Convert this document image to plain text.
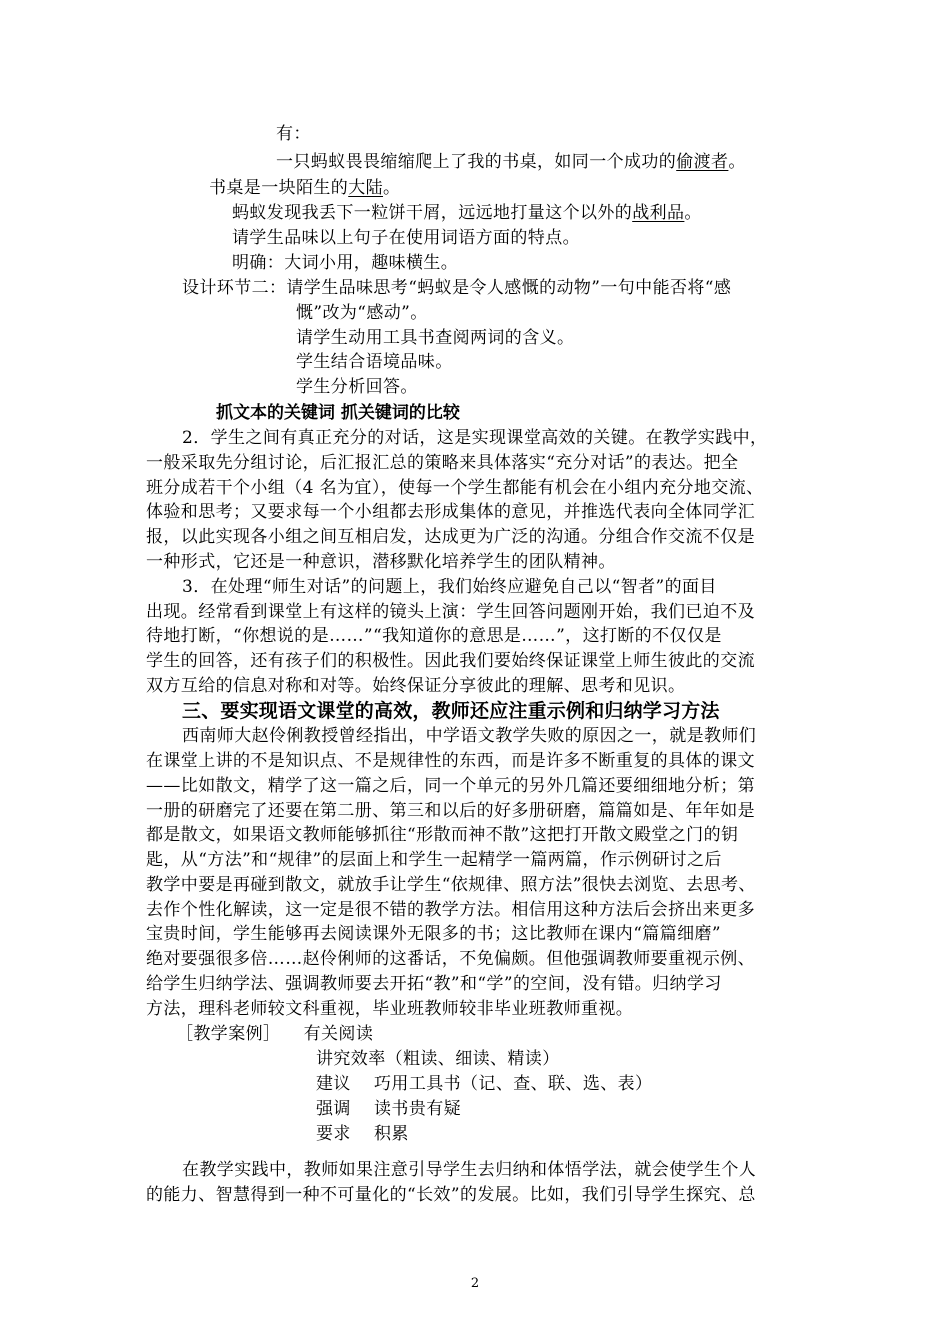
有：
一只蚂蚁畏畏缩缩爬上了我的书桌，如同一个成功的偷渡者。
书桌是一块陌生的大陆。
蚂蚁发现我丢下一粒饼干屑，远远地打量这个以外的战利品。
请学生品味以上句子在使用词语方面的特点。
明确：大词小用，趣味横生。
设计环节二：请学生品味思考“蚂蚁是令人感慨的动物”一句中能否将“感
慨”改为“感动”。
请学生动用工具书查阅两词的含义。
学生结合语境品味。
学生分析回答。
抓文本的关键词 抓关键词的比较
2．学生之间有真正充分的对话，这是实现课堂高效的关键。在教学实践中，
一般采取先分组讨论，后汇报汇总的策略来具体落实“充分对话”的表达。把全
班分成若干个小组（4 名为宜），使每一个学生都能有机会在小组内充分地交流、
体验和思考；又要求每一个小组都去形成集体的意见，并推选代表向全体同学汇
报，以此实现各小组之间互相启发，达成更为广泛的沟通。分组合作交流不仅是
一种形式，它还是一种意识，潜移默化培养学生的团队精神。
3．在处理“师生对话”的问题上，我们始终应避免自己以“智者”的面目
出现。经常看到课堂上有这样的镜头上演：学生回答问题刚开始，我们已迫不及
待地打断，“你想说的是……”“我知道你的意思是……”，这打断的不仅仅是
学生的回答，还有孩子们的积极性。因此我们要始终保证课堂上师生彼此的交流
双方互给的信息对称和对等。始终保证分享彼此的理解、思考和见识。
三、要实现语文课堂的高效，教师还应注重示例和归纳学习方法
西南师大赵伶俐教授曾经指出，中学语文教学失败的原因之一，就是教师们
在课堂上讲的不是知识点、不是规律性的东西，而是许多不断重复的具体的课文
——比如散文，精学了这一篇之后，同一个单元的另外几篇还要细细地分析；第
一册的研磨完了还要在第二册、第三和以后的好多册研磨，篇篇如是、年年如是
都是散文，如果语文教师能够抓往“形散而神不散”这把打开散文殿堂之门的钥
匙，从“方法”和“规律”的层面上和学生一起精学一篇两篇，作示例研讨之后
教学中要是再碰到散文，就放手让学生“依规律、照方法”很快去浏览、去思考、
去作个性化解读，这一定是很不错的教学方法。相信用这种方法后会挤出来更多
宝贵时间，学生能够再去阅读课外无限多的书；这比教师在课内“篇篇细磨”
绝对要强很多倍……赵伶俐师的这番话，不免偏颇。但他强调教师要重视示例、
给学生归纳学法、强调教师要去开拓“教”和“学”的空间，没有错。归纳学习
方法，理科老师较文科重视，毕业班教师较非毕业班教师重视。
［教学案例］    有关阅读
讲究效率（粗读、细读、精读）
建议    巧用工具书（记、查、联、选、表）
强调    读书贵有疑
要求    积累
在教学实践中，教师如果注意引导学生去归纳和体悟学法，就会使学生个人
的能力、智慧得到一种不可量化的“长效”的发展。比如，我们引导学生探究、总
2
